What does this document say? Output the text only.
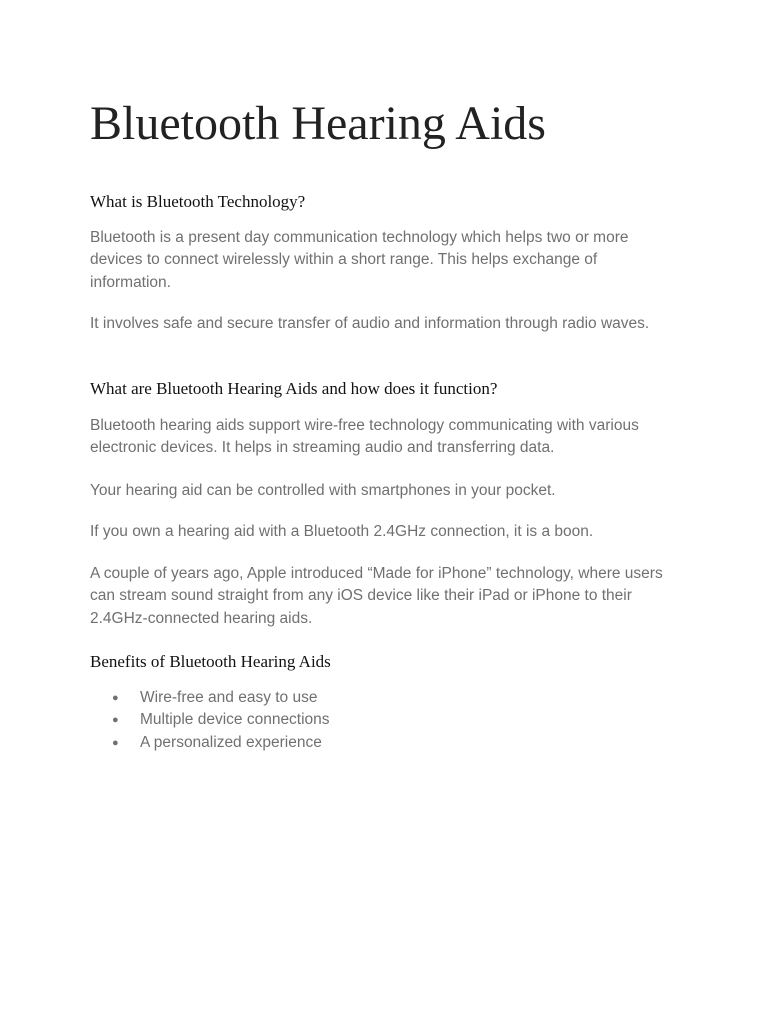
Bluetooth Hearing Aids
What is Bluetooth Technology?

Bluetooth is a present day communication technology which helps two or more devices to connect wirelessly within a short range. This helps exchange of information.

It involves safe and secure transfer of audio and information through radio waves.

What are Bluetooth Hearing Aids and how does it function?

Bluetooth hearing aids support wire-free technology communicating with various electronic devices. It helps in streaming audio and transferring data.

Your hearing aid can be controlled with smartphones in your pocket.

If you own a hearing aid with a Bluetooth 2.4GHz connection, it is a boon.

A couple of years ago, Apple introduced “Made for iPhone” technology, where users can stream sound straight from any iOS device like their iPad or iPhone to their 2.4GHz-connected hearing aids.

Benefits of Bluetooth Hearing Aids
● Wire-free and easy to use
● Multiple device connections
● A personalized experience
